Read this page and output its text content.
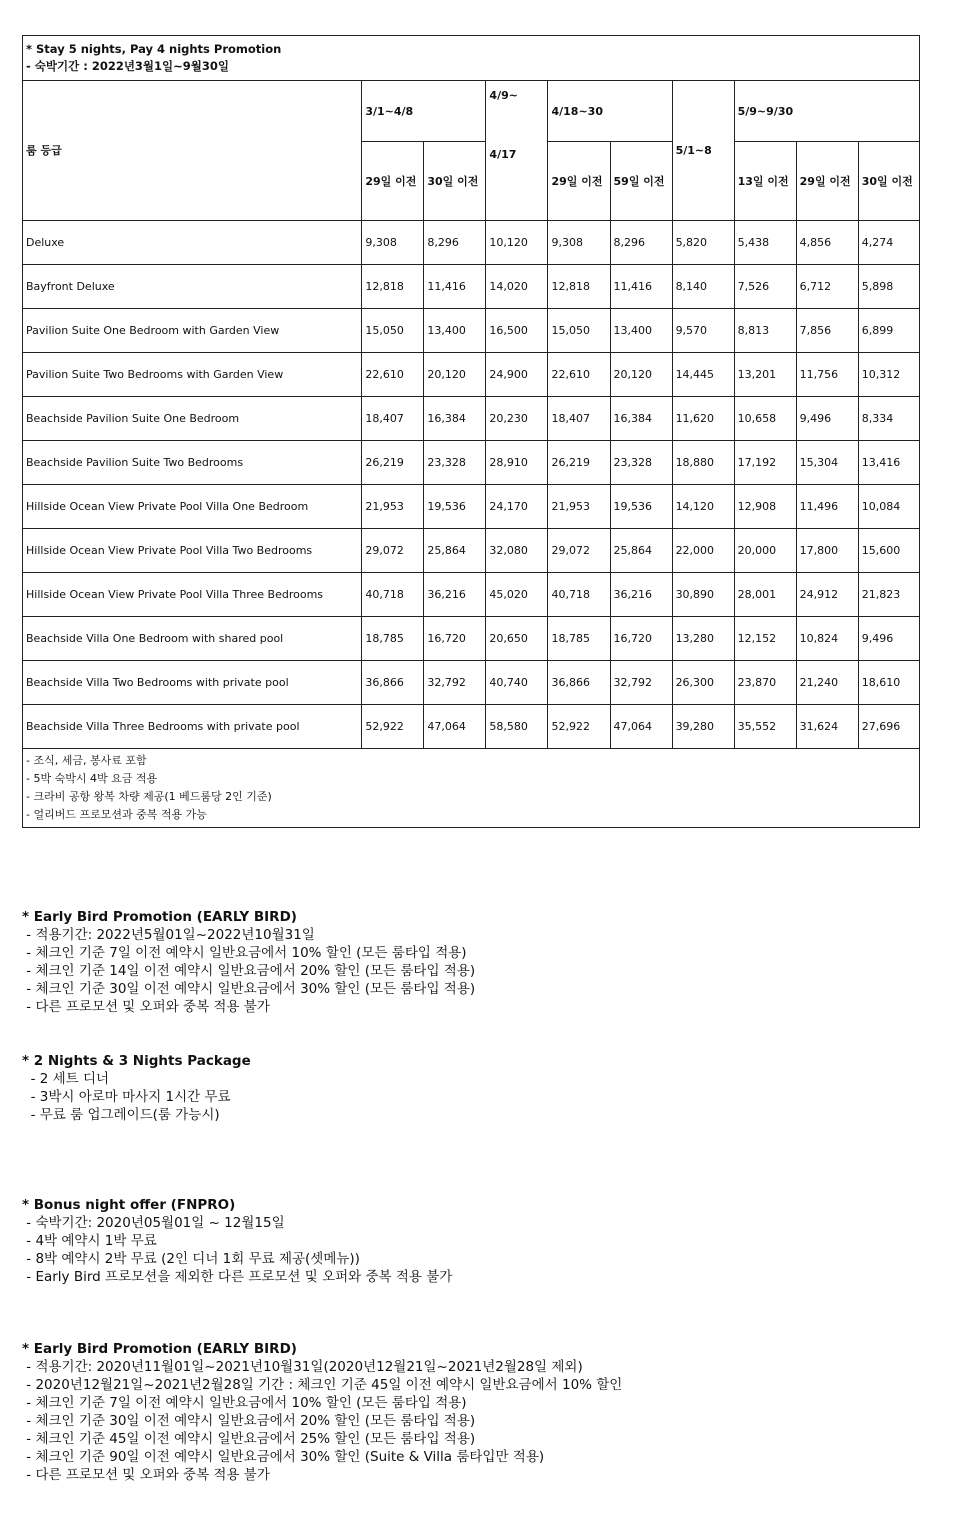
* Stay 5 nights, Pay 4 nights Promotion
- 숙박기간 : 2022년3월1일~9월30일									

룸 등급	3/1~4/8		4/9~
4/17	4/18~30		5/1~8	5/9~9/30		
	29일 이전	30일 이전		29일 이전	59일 이전		13일 이전	29일 이전	30일 이전
Deluxe	9,308	8,296	10,120	9,308	8,296	5,820	5,438	4,856	4,274
Bayfront Deluxe	12,818	11,416	14,020	12,818	11,416	8,140	7,526	6,712	5,898
Pavilion Suite One Bedroom with Garden View	15,050	13,400	16,500	15,050	13,400	9,570	8,813	7,856	6,899
Pavilion Suite Two Bedrooms with Garden View	22,610	20,120	24,900	22,610	20,120	14,445	13,201	11,756	10,312
Beachside Pavilion Suite One Bedroom	18,407	16,384	20,230	18,407	16,384	11,620	10,658	9,496	8,334
Beachside Pavilion Suite Two Bedrooms	26,219	23,328	28,910	26,219	23,328	18,880	17,192	15,304	13,416
Hillside Ocean View Private Pool Villa One Bedroom	21,953	19,536	24,170	21,953	19,536	14,120	12,908	11,496	10,084
Hillside Ocean View Private Pool Villa Two Bedrooms	29,072	25,864	32,080	29,072	25,864	22,000	20,000	17,800	15,600
Hillside Ocean View Private Pool Villa Three Bedrooms	40,718	36,216	45,020	40,718	36,216	30,890	28,001	24,912	21,823
Beachside Villa One Bedroom with shared pool	18,785	16,720	20,650	18,785	16,720	13,280	12,152	10,824	9,496
Beachside Villa Two Bedrooms with private pool	36,866	32,792	40,740	36,866	32,792	26,300	23,870	21,240	18,610
Beachside Villa Three Bedrooms with private pool	52,922	47,064	58,580	52,922	47,064	39,280	35,552	31,624	27,696

- 조식, 세금, 봉사료 포함
- 5박 숙박시 4박 요금 적용
- 크라비 공항 왕복 차량 제공(1 베드룸당 2인 기준)
- 얼리버드 프로모션과 중복 적용 가능									
* Early Bird Promotion (EARLY BIRD)
- 적용기간: 2022년5월01일~2022년10월31일
- 체크인 기준 7일 이전 예약시 일반요금에서 10% 할인 (모든 룸타입 적용)
- 체크인 기준 14일 이전 예약시 일반요금에서 20% 할인 (모든 룸타입 적용)
- 체크인 기준 30일 이전 예약시 일반요금에서 30% 할인 (모든 룸타입 적용)
- 다른 프로모션 및 오퍼와 중복 적용 불가
* 2 Nights & 3 Nights Package
- 2 세트 디너
- 3박시 아로마 마사지 1시간 무료
- 무료 룸 업그레이드(룸 가능시)
* Bonus night offer (FNPRO)
- 숙박기간: 2020년05월01일 ~ 12월15일
- 4박 예약시 1박 무료
- 8박 예약시 2박 무료 (2인 디너 1회 무료 제공(셋메뉴))
- Early Bird 프로모션을 제외한 다른 프로모션 및 오퍼와 중복 적용 불가
* Early Bird Promotion (EARLY BIRD)
- 적용기간: 2020년11월01일~2021년10월31일(2020년12월21일~2021년2월28일 제외)
- 2020년12월21일~2021년2월28일 기간 : 체크인 기준 45일 이전 예약시 일반요금에서 10% 할인
- 체크인 기준 7일 이전 예약시 일반요금에서 10% 할인 (모든 룸타입 적용)
- 체크인 기준 30일 이전 예약시 일반요금에서 20% 할인 (모든 룸타입 적용)
- 체크인 기준 45일 이전 예약시 일반요금에서 25% 할인 (모든 룸타입 적용)
- 체크인 기준 90일 이전 예약시 일반요금에서 30% 할인 (Suite & Villa 룸타입만 적용)
- 다른 프로모션 및 오퍼와 중복 적용 불가
